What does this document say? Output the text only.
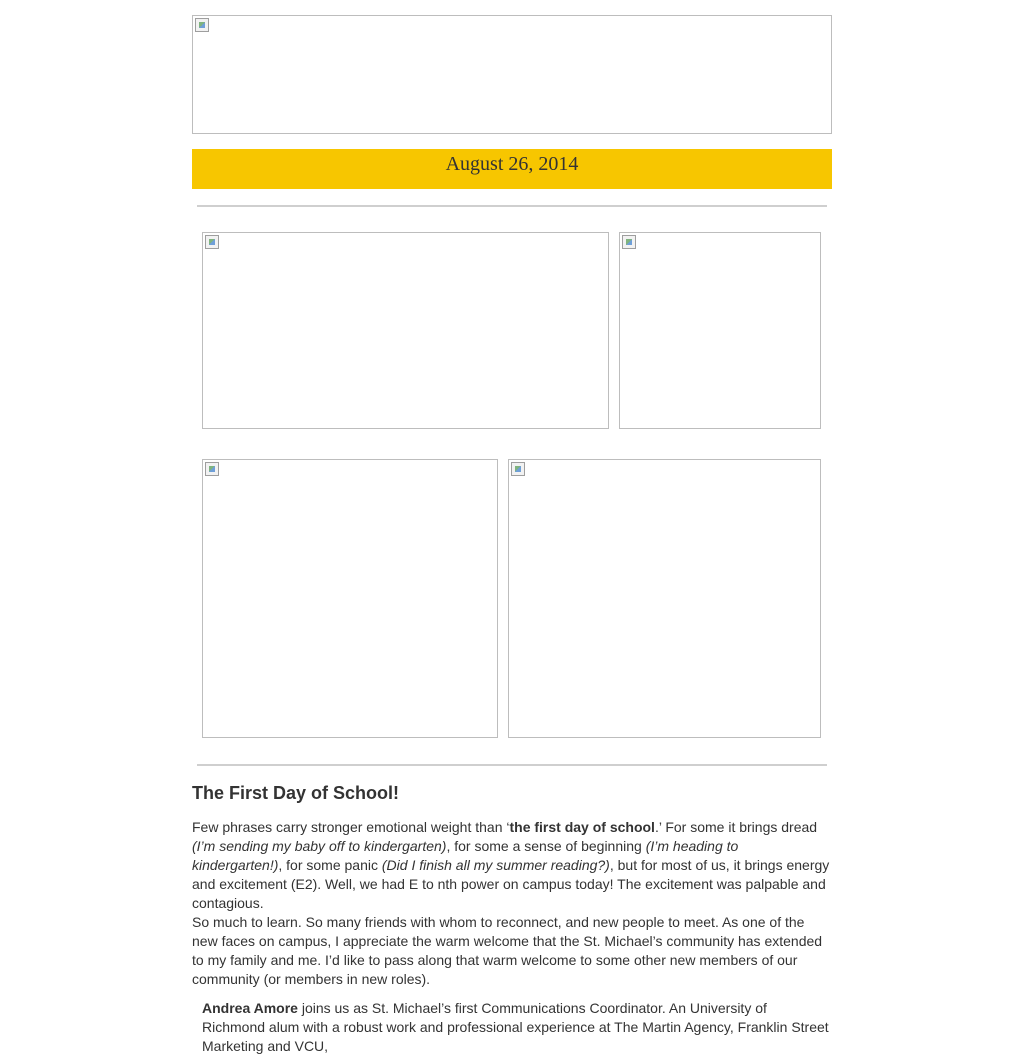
August 26, 2014
The First Day of School!

Few phrases carry stronger emotional weight than ‘the first day of school.’ For some it brings dread (I’m sending my baby off to kindergarten), for some a sense of beginning (I’m heading to kindergarten!), for some panic (Did I finish all my summer reading?), but for most of us, it brings energy and excitement (E2). Well, we had E to nth power on campus today! The excitement was palpable and contagious.

So much to learn. So many friends with whom to reconnect, and new people to meet. As one of the new faces on campus, I appreciate the warm welcome that the St. Michael’s community has extended to my family and me. I’d like to pass along that warm welcome to some other new members of our community (or members in new roles).

Andrea Amore joins us as St. Michael’s first Communications Coordinator. An University of Richmond alum with a robust work and professional experience at The Martin Agency, Franklin Street Marketing and VCU,
